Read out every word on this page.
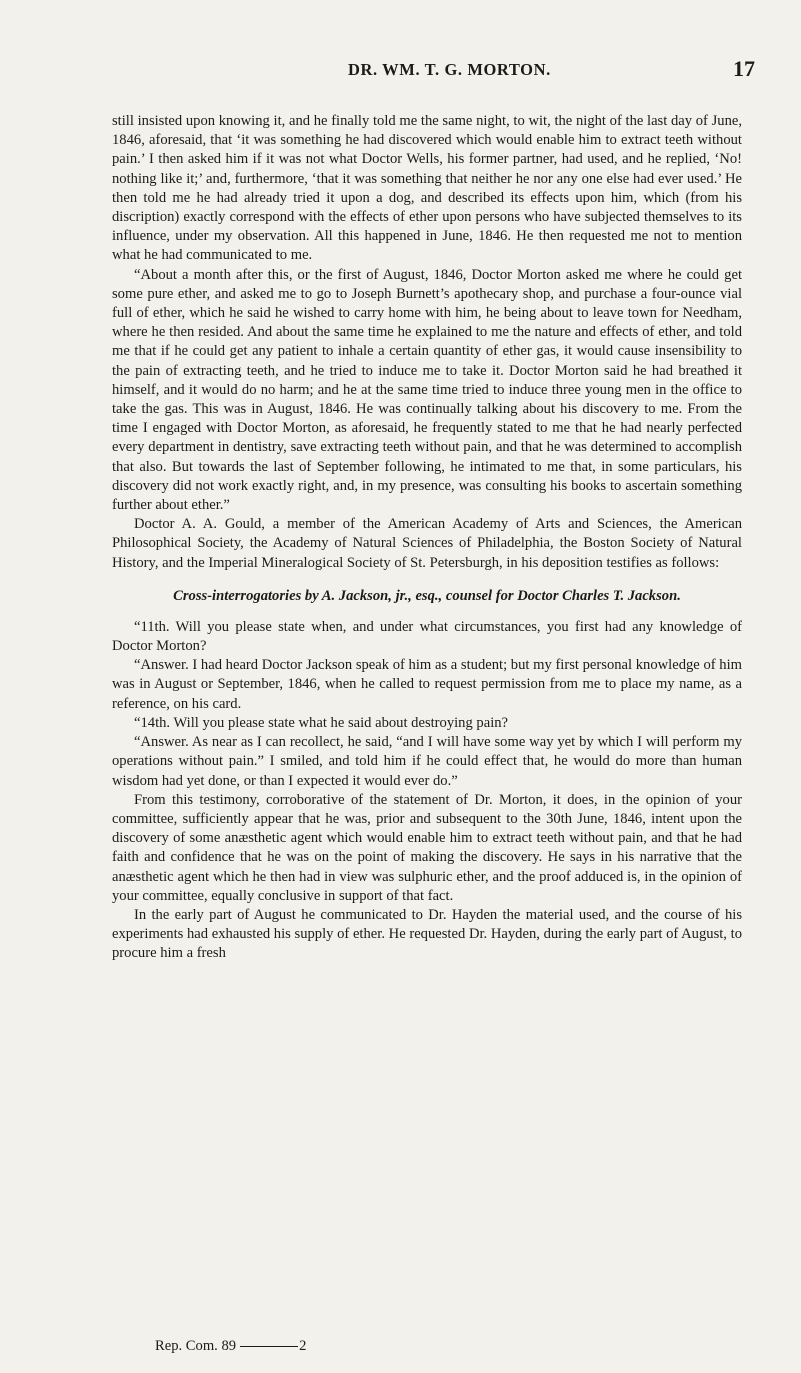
DR. WM. T. G. MORTON.	17

still insisted upon knowing it, and he finally told me the same night, to wit, the night of the last day of June, 1846, aforesaid, that ‘it was something he had discovered which would enable him to extract teeth without pain.’ I then asked him if it was not what Doctor Wells, his former partner, had used, and he replied, ‘No! nothing like it;’ and, furthermore, ‘that it was something that neither he nor any one else had ever used.’ He then told me he had already tried it upon a dog, and described its effects upon him, which (from his discription) exactly correspond with the effects of ether upon persons who have subjected themselves to its influence, under my observation. All this happened in June, 1846. He then requested me not to mention what he had communicated to me.

“About a month after this, or the first of August, 1846, Doctor Morton asked me where he could get some pure ether, and asked me to go to Joseph Burnett’s apothecary shop, and purchase a four-ounce vial full of ether, which he said he wished to carry home with him, he being about to leave town for Needham, where he then resided. And about the same time he explained to me the nature and effects of ether, and told me that if he could get any patient to inhale a certain quantity of ether gas, it would cause insensibility to the pain of extracting teeth, and he tried to induce me to take it. Doctor Morton said he had breathed it himself, and it would do no harm; and he at the same time tried to induce three young men in the office to take the gas. This was in August, 1846. He was continually talking about his discovery to me. From the time I engaged with Doctor Morton, as aforesaid, he frequently stated to me that he had nearly perfected every department in dentistry, save extracting teeth without pain, and that he was determined to accomplish that also. But towards the last of September following, he intimated to me that, in some particulars, his discovery did not work exactly right, and, in my presence, was consulting his books to ascertain something further about ether.”

Doctor A. A. Gould, a member of the American Academy of Arts and Sciences, the American Philosophical Society, the Academy of Natural Sciences of Philadelphia, the Boston Society of Natural History, and the Imperial Mineralogical Society of St. Petersburgh, in his deposition testifies as follows:

Cross-interrogatories by A. Jackson, jr., esq., counsel for Doctor Charles T. Jackson.

“11th. Will you please state when, and under what circumstances, you first had any knowledge of Doctor Morton?

“Answer. I had heard Doctor Jackson speak of him as a student; but my first personal knowledge of him was in August or September, 1846, when he called to request permission from me to place my name, as a reference, on his card.

“14th. Will you please state what he said about destroying pain?

“Answer. As near as I can recollect, he said, “and I will have some way yet by which I will perform my operations without pain.” I smiled, and told him if he could effect that, he would do more than human wisdom had yet done, or than I expected it would ever do.”

From this testimony, corroborative of the statement of Dr. Morton, it does, in the opinion of your committee, sufficiently appear that he was, prior and subsequent to the 30th June, 1846, intent upon the discovery of some anæsthetic agent which would enable him to extract teeth without pain, and that he had faith and confidence that he was on the point of making the discovery. He says in his narrative that the anæsthetic agent which he then had in view was sulphuric ether, and the proof adduced is, in the opinion of your committee, equally conclusive in support of that fact.

In the early part of August he communicated to Dr. Hayden the material used, and the course of his experiments had exhausted his supply of ether. He requested Dr. Hayden, during the early part of August, to procure him a fresh

Rep. Com. 89	2
